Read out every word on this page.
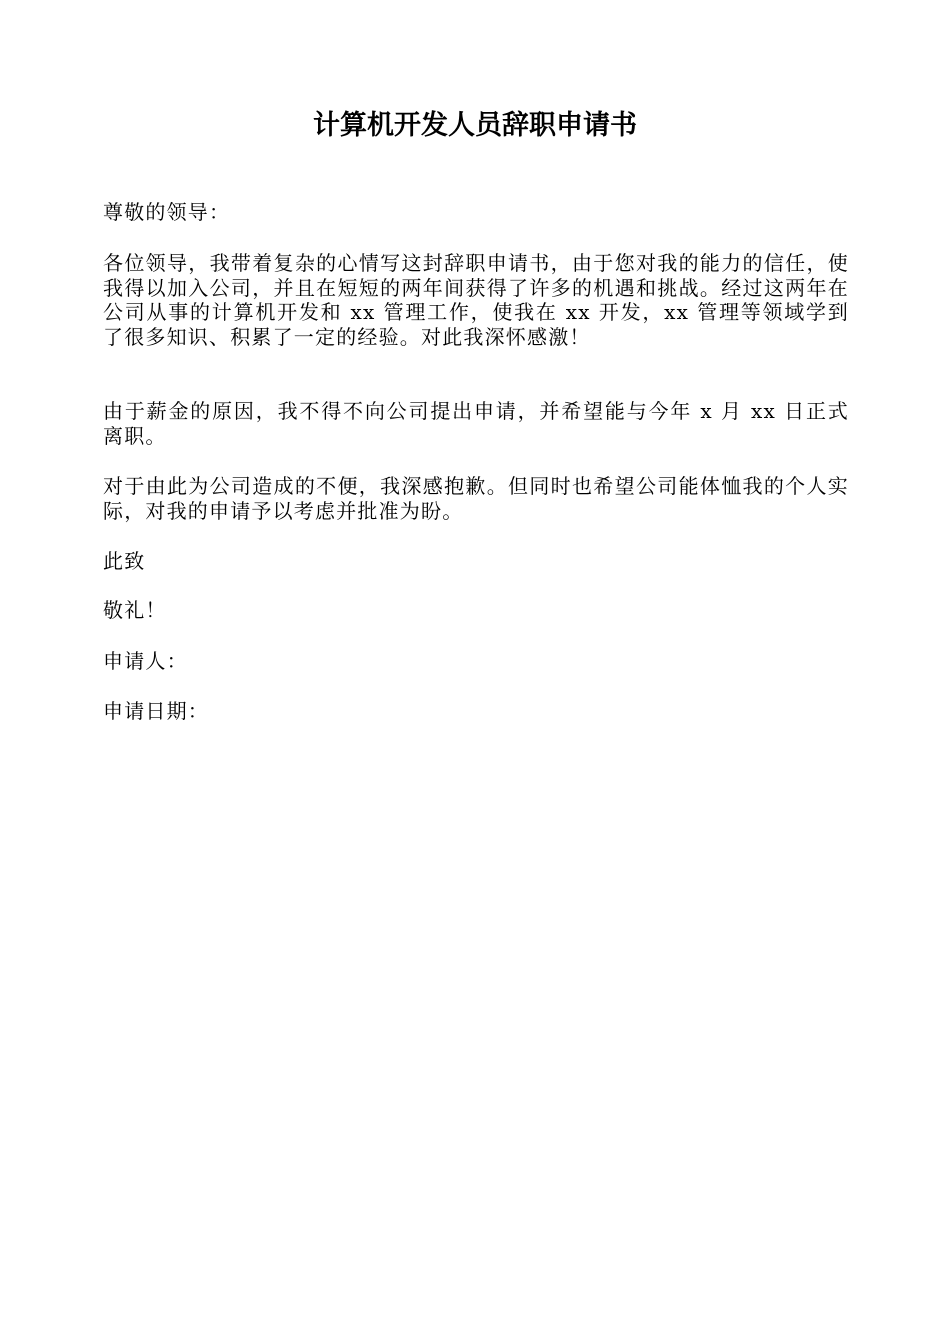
计算机开发人员辞职申请书

尊敬的领导：

各位领导，我带着复杂的心情写这封辞职申请书，由于您对我的能力的信任，使我得以加入公司，并且在短短的两年间获得了许多的机遇和挑战。经过这两年在公司从事的计算机开发和 xx 管理工作，使我在 xx 开发，xx 管理等领域学到了很多知识、积累了一定的经验。对此我深怀感激！

由于薪金的原因，我不得不向公司提出申请，并希望能与今年 x 月 xx 日正式离职。

对于由此为公司造成的不便，我深感抱歉。但同时也希望公司能体恤我的个人实际，对我的申请予以考虑并批准为盼。

此致

敬礼！

申请人：

申请日期：
